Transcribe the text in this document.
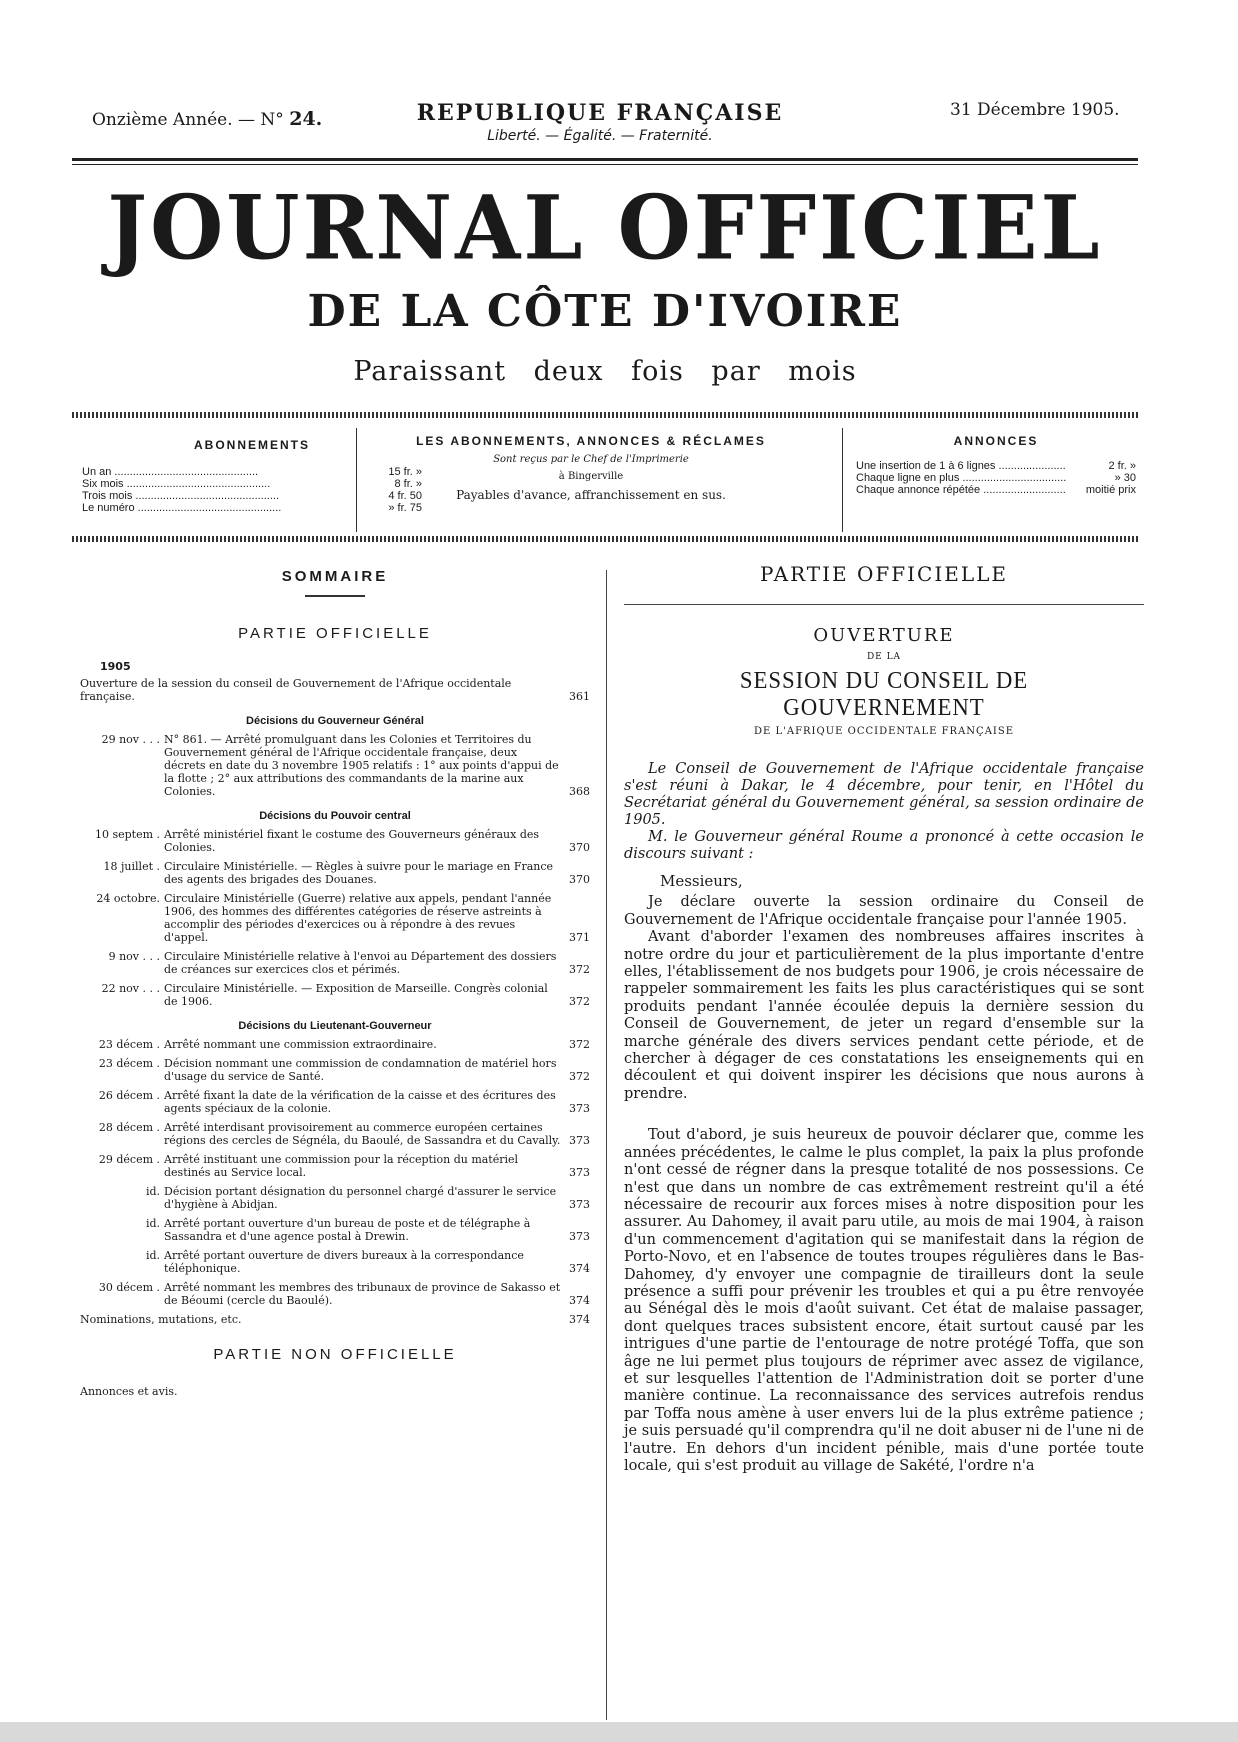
Onzième Année. — N° 24.	REPUBLIQUE FRANÇAISE
Liberté. — Égalité. — Fraternité.
31 Décembre 1905.
JOURNAL OFFICIEL
DE LA CÔTE D'IVOIRE
Paraissant deux fois par mois
ABONNEMENTS
Un an .....	15 fr. »
Six mois .....	8 fr. »
Trois mois .....	4 fr. 50
Le numéro .....	» fr. 75
LES ABONNEMENTS, ANNONCES & RÉCLAMES
Sont reçus par le Chef de l'Imprimerie
à Bingerville
Payables d'avance, affranchissement en sus.
ANNONCES
Une insertion de 1 à 6 lignes .....	2 fr. »
Chaque ligne en plus .....	» 30
Chaque annonce répétée .....	moitié prix
SOMMAIRE
PARTIE OFFICIELLE
1905
Ouverture de la session du conseil de Gouvernement de l'Afrique occidentale française.	361
Décisions du Gouverneur Général
29 nov . . . N° 861. — Arrêté promulguant dans les Colonies et Territoires du Gouvernement général de l'Afrique occidentale française, deux décrets en date du 3 novembre 1905 relatifs : 1° aux points d'appui de la flotte ; 2° aux attributions des commandants de la marine aux Colonies.	368
Décisions du Pouvoir central
10 septem . Arrêté ministériel fixant le costume des Gouverneurs généraux des Colonies.	370
18 juillet . Circulaire Ministérielle. — Règles à suivre pour le mariage en France des agents des brigades des Douanes.	370
24 octobre. Circulaire Ministérielle (Guerre) relative aux appels, pendant l'année 1906, des hommes des différentes catégories de réserve astreints à accomplir des périodes d'exercices ou à répondre à des revues d'appel.	371
9 nov . . . Circulaire Ministérielle relative à l'envoi au Département des dossiers de créances sur exercices clos et périmés.	372
22 nov . . . Circulaire Ministérielle. — Exposition de Marseille. Congrès colonial de 1906.	372
Décisions du Lieutenant-Gouverneur
23 décem . Arrêté nommant une commission extraordinaire.	372
23 décem . Décision nommant une commission de condamnation de matériel hors d'usage du service de Santé.	372
26 décem . Arrêté fixant la date de la vérification de la caisse et des écritures des agents spéciaux de la colonie.	373
28 décem . Arrêté interdisant provisoirement au commerce européen certaines régions des cercles de Ségnéla, du Baoulé, de Sassandra et du Cavally. 373
29 décem . Arrêté instituant une commission pour la réception du matériel destinés au Service local.	373
id. Décision portant désignation du personnel chargé d'assurer le service d'hygiène à Abidjan.	373
id. Arrêté portant ouverture d'un bureau de poste et de télégraphe à Sassandra et d'une agence postal à Drewin.	373
id. Arrêté portant ouverture de divers bureaux à la correspondance téléphonique.	374
30 décem . Arrêté nommant les membres des tribunaux de province de Sakasso et de Béoumi (cercle du Baoulé).	374
Nominations, mutations, etc.	374
PARTIE NON OFFICIELLE
Annonces et avis.
PARTIE OFFICIELLE
OUVERTURE
DE LA
SESSION DU CONSEIL DE GOUVERNEMENT
DE L'AFRIQUE OCCIDENTALE FRANÇAISE

Le Conseil de Gouvernement de l'Afrique occidentale française s'est réuni à Dakar, le 4 décembre, pour tenir, en l'Hôtel du Secrétariat général du Gouvernement général, sa session ordinaire de 1905.

M. le Gouverneur général Roume a prononcé à cette occasion le discours suivant :

Messieurs,

Je déclare ouverte la session ordinaire du Conseil de Gouvernement de l'Afrique occidentale française pour l'année 1905.

Avant d'aborder l'examen des nombreuses affaires inscrites à notre ordre du jour et particulièrement de la plus importante d'entre elles, l'établissement de nos budgets pour 1906, je crois nécessaire de rappeler sommairement les faits les plus caractéristiques qui se sont produits pendant l'année écoulée depuis la dernière session du Conseil de Gouvernement, de jeter un regard d'ensemble sur la marche générale des divers services pendant cette période, et de chercher à dégager de ces constatations les enseignements qui en découlent et qui doivent inspirer les décisions que nous aurons à prendre.

Tout d'abord, je suis heureux de pouvoir déclarer que, comme les années précédentes, le calme le plus complet, la paix la plus profonde n'ont cessé de régner dans la presque totalité de nos possessions. Ce n'est que dans un nombre de cas extrêmement restreint qu'il a été nécessaire de recourir aux forces mises à notre disposition pour les assurer. Au Dahomey, il avait paru utile, au mois de mai 1904, à raison d'un commencement d'agitation qui se manifestait dans la région de Porto-Novo, et en l'absence de toutes troupes régulières dans le Bas-Dahomey, d'y envoyer une compagnie de tirailleurs dont la seule présence a suffi pour prévenir les troubles et qui a pu être renvoyée au Sénégal dès le mois d'août suivant. Cet état de malaise passager, dont quelques traces subsistent encore, était surtout causé par les intrigues d'une partie de l'entourage de notre protégé Toffa, que son âge ne lui permet plus toujours de réprimer avec assez de vigilance, et sur lesquelles l'attention de l'Administration doit se porter d'une manière continue. La reconnaissance des services autrefois rendus par Toffa nous amène à user envers lui de la plus extrême patience ; je suis persuadé qu'il comprendra qu'il ne doit abuser ni de l'une ni de l'autre. En dehors d'un incident pénible, mais d'une portée toute locale, qui s'est produit au village de Sakété, l'ordre n'a
